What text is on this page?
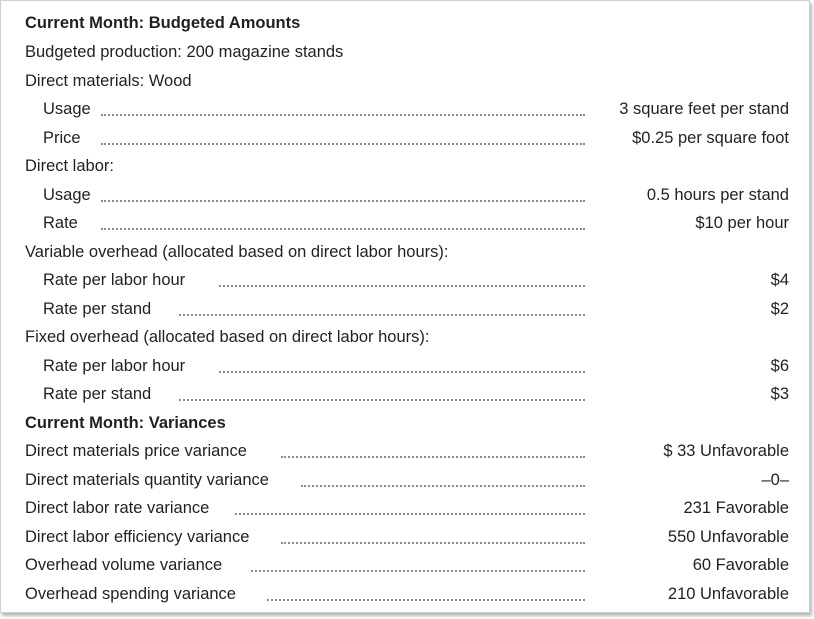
Current Month: Budgeted Amounts
Budgeted production: 200 magazine stands
Direct materials: Wood
Usage	3 square feet per stand
Price	$0.25 per square foot
Direct labor:
Usage	0.5 hours per stand
Rate	$10 per hour
Variable overhead (allocated based on direct labor hours):
Rate per labor hour	$4
Rate per stand	$2
Fixed overhead (allocated based on direct labor hours):
Rate per labor hour	$6
Rate per stand	$3
Current Month: Variances
Direct materials price variance	$ 33 Unfavorable
Direct materials quantity variance	–0–
Direct labor rate variance	231 Favorable
Direct labor efficiency variance	550 Unfavorable
Overhead volume variance	60 Favorable
Overhead spending variance	210 Unfavorable
